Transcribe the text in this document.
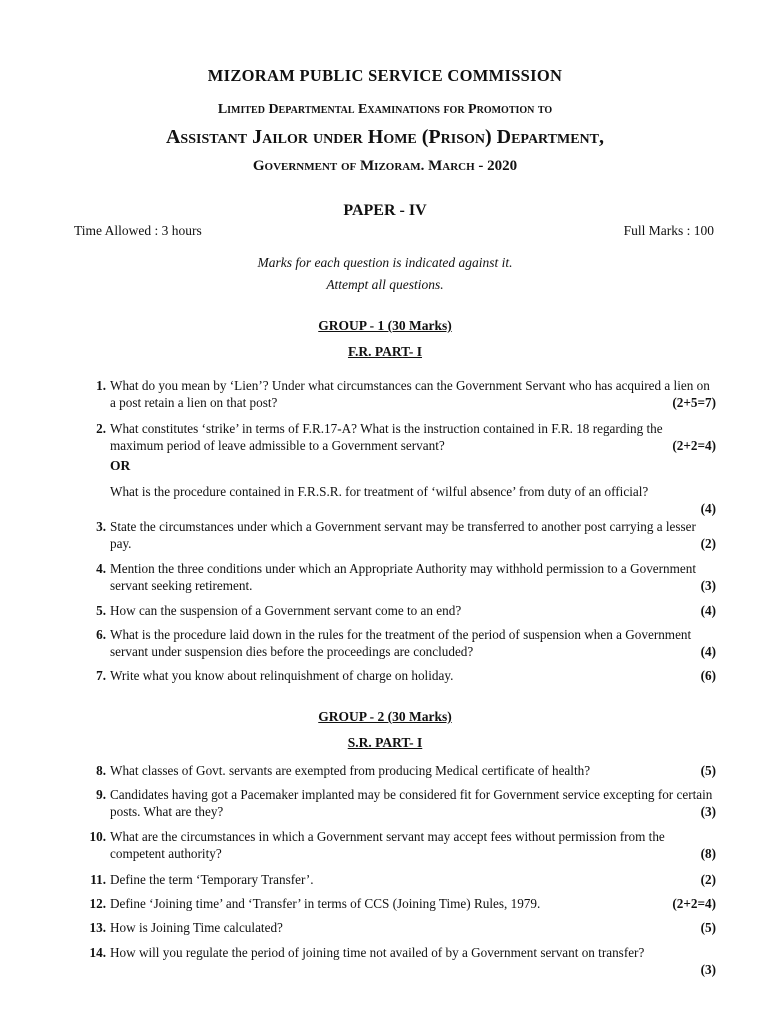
MIZORAM PUBLIC SERVICE COMMISSION
Limited Departmental Examinations for Promotion to
Assistant Jailor under Home (Prison) Department,
Government of Mizoram. March - 2020
PAPER - IV
Time Allowed : 3 hours	Full Marks : 100
Marks for each question is indicated against it.
Attempt all questions.
GROUP - 1 (30 Marks)
F.R. PART- I
1. What do you mean by ‘Lien’? Under what circumstances can the Government Servant who has acquired a lien on a post retain a lien on that post?	(2+5=7)
2. What constitutes ‘strike’ in terms of F.R.17-A? What is the instruction contained in F.R. 18 regarding the maximum period of leave admissible to a Government servant?	(2+2=4)
OR
What is the procedure contained in F.R.S.R. for treatment of ‘wilful absence’ from duty of an official?
(4)
3. State the circumstances under which a Government servant may be transferred to another post carrying a lesser pay.	(2)
4. Mention the three conditions under which an Appropriate Authority may withhold permission to a Government servant seeking retirement.	(3)
5.	(4)
How can the suspension of a Government servant come to an end?
6. What is the procedure laid down in the rules for the treatment of the period of suspension when a Government servant under suspension dies before the proceedings are concluded?	(4)
7.	(6)
Write what you know about relinquishment of charge on holiday.
GROUP - 2 (30 Marks)
S.R. PART- I
8.	(5)
What classes of Govt. servants are exempted from producing Medical certificate of health?
9. Candidates having got a Pacemaker implanted may be considered fit for Government service excepting for certain posts. What are they?	(3)
10. What are the circumstances in which a Government servant may accept fees without permission from the competent authority?	(8)
11.	(2)
Define the term ‘Temporary Transfer’.
12.	(2+2=4)
Define ‘Joining time’ and ‘Transfer’ in terms of CCS (Joining Time) Rules, 1979.
13.	(5)
How is Joining Time calculated?
14. How will you regulate the period of joining time not availed of by a Government servant on transfer?
(3)
